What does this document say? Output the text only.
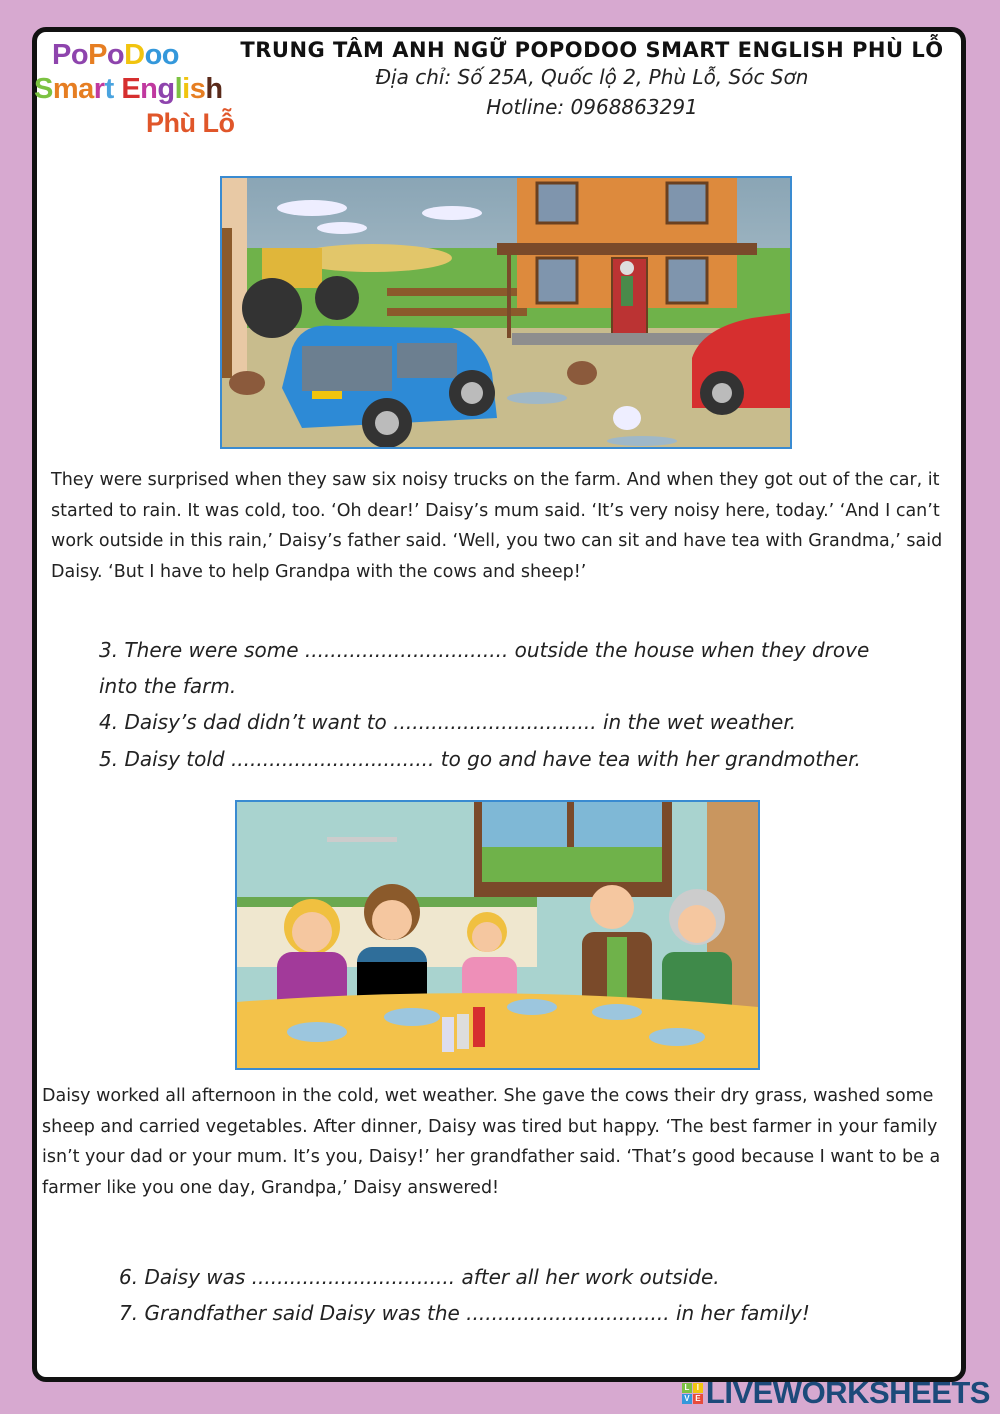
PoPoDoo
Smart English
Phù Lỗ
TRUNG TÂM ANH NGỮ POPODOO SMART ENGLISH PHÙ LỖ
Địa chỉ: Số 25A, Quốc lộ 2, Phù Lỗ, Sóc Sơn
Hotline: 0968863291
They were surprised when they saw six noisy trucks on the farm. And when they got out of the car, it started to rain. It was cold, too. ‘Oh dear!’ Daisy’s mum said. ‘It’s very noisy here, today.’ ‘And I can’t work outside in this rain,’ Daisy’s father said. ‘Well, you two can sit and have tea with Grandma,’ said Daisy. ‘But I have to help Grandpa with the cows and sheep!’
3. There were some ................................ outside the house when they drove
into the farm.
4. Daisy’s dad didn’t want to ................................ in the wet weather.
5. Daisy told ................................ to go and have tea with her grandmother.
Daisy worked all afternoon in the cold, wet weather. She gave the cows their dry grass, washed some sheep and carried vegetables. After dinner, Daisy was tired but happy. ‘The best farmer in your family isn’t your dad or your mum. It’s you, Daisy!’ her grandfather said. ‘That’s good because I want to be a farmer like you one day, Grandpa,’ Daisy answered!
6. Daisy was ................................ after all her work outside.
7. Grandfather said Daisy was the ................................ in her family!
L I
V E LIVEWORKSHEETS
